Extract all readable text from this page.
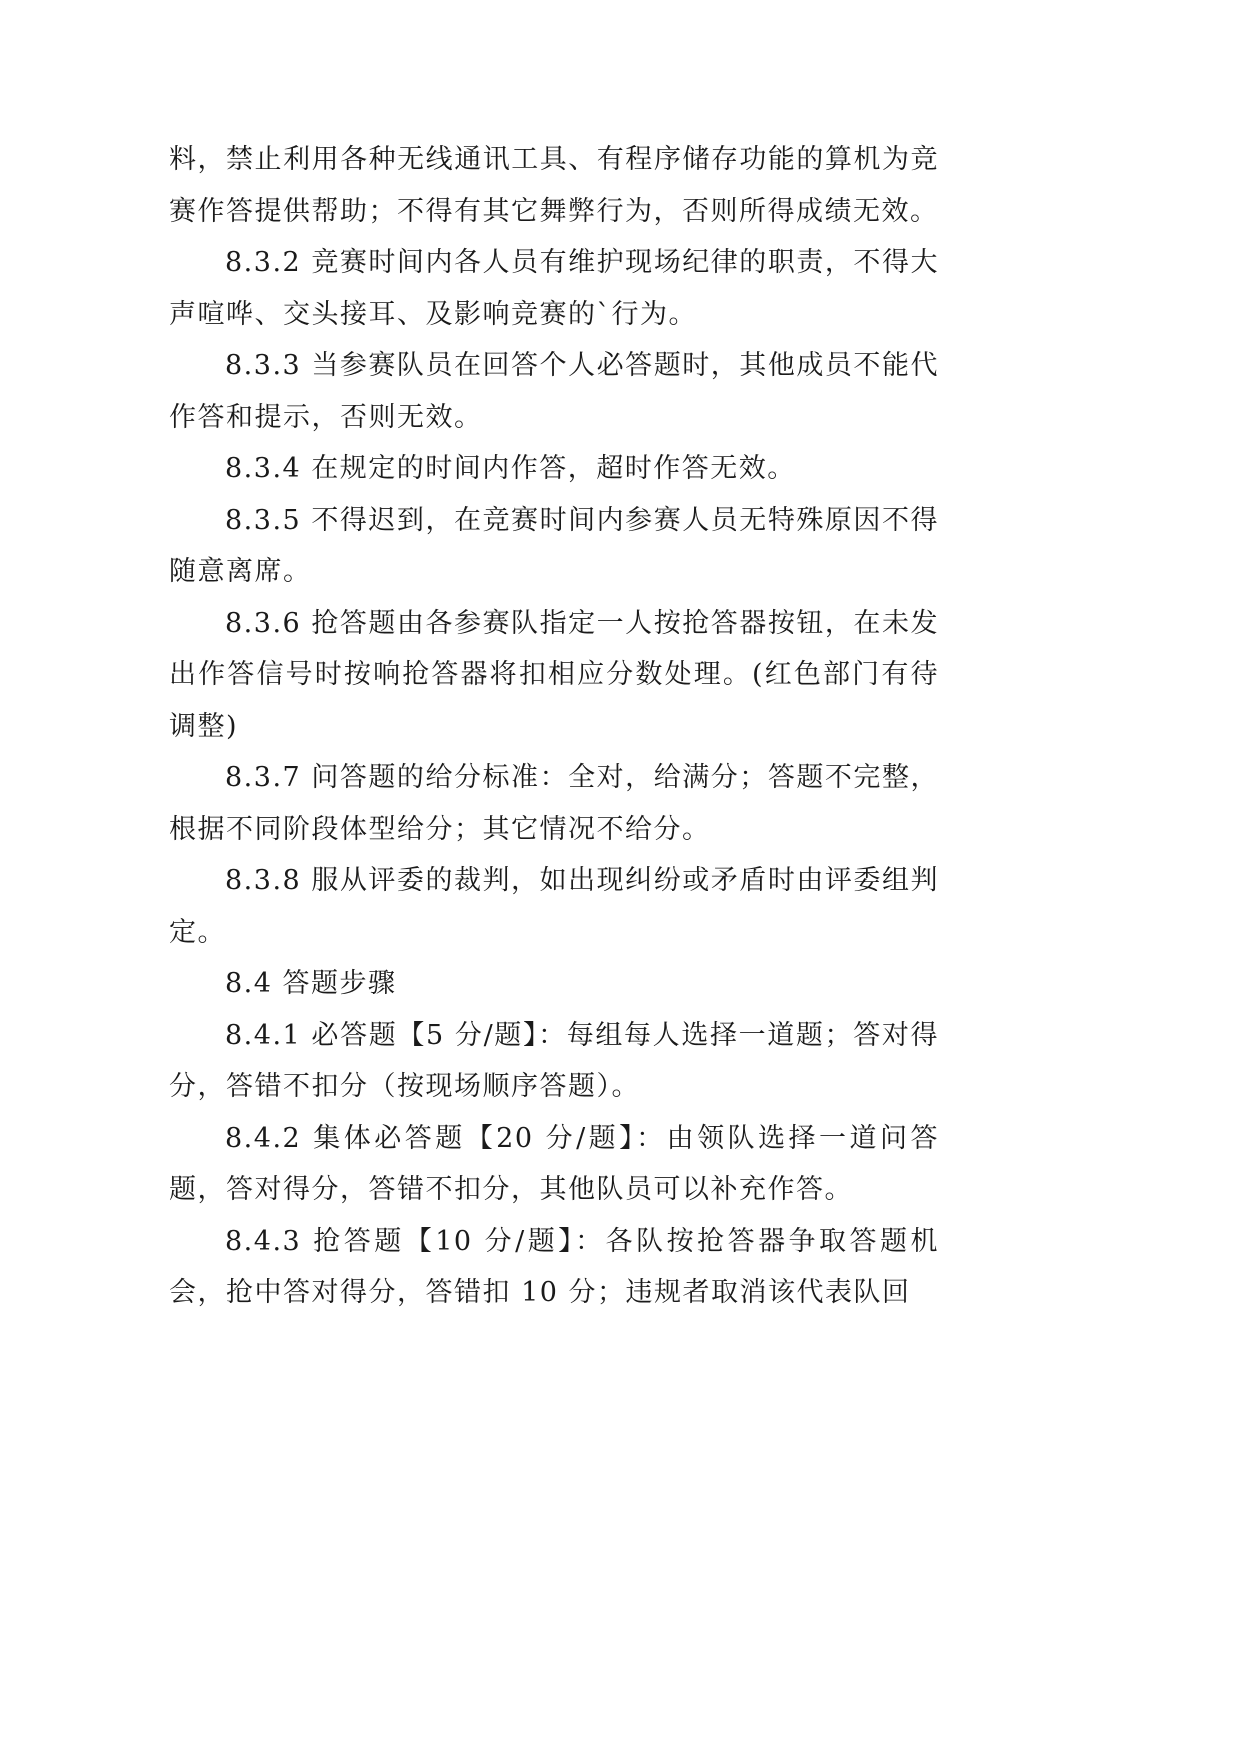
料，禁止利用各种无线通讯工具、有程序储存功能的算机为竞赛作答提供帮助；不得有其它舞弊行为，否则所得成绩无效。

8.3.2 竞赛时间内各人员有维护现场纪律的职责，不得大声喧哗、交头接耳、及影响竞赛的`行为。

8.3.3 当参赛队员在回答个人必答题时，其他成员不能代作答和提示，否则无效。

8.3.4 在规定的时间内作答，超时作答无效。

8.3.5 不得迟到，在竞赛时间内参赛人员无特殊原因不得随意离席。

8.3.6 抢答题由各参赛队指定一人按抢答器按钮，在未发出作答信号时按响抢答器将扣相应分数处理。(红色部门有待调整)

8.3.7 问答题的给分标准：全对，给满分；答题不完整，根据不同阶段体型给分；其它情况不给分。

8.3.8 服从评委的裁判，如出现纠纷或矛盾时由评委组判定。

8.4 答题步骤

8.4.1 必答题【5 分/题】：每组每人选择一道题；答对得分，答错不扣分（按现场顺序答题）。

8.4.2 集体必答题【20 分/题】：由领队选择一道问答题，答对得分，答错不扣分，其他队员可以补充作答。

8.4.3 抢答题【10 分/题】：各队按抢答器争取答题机会，抢中答对得分，答错扣 10 分；违规者取消该代表队回
